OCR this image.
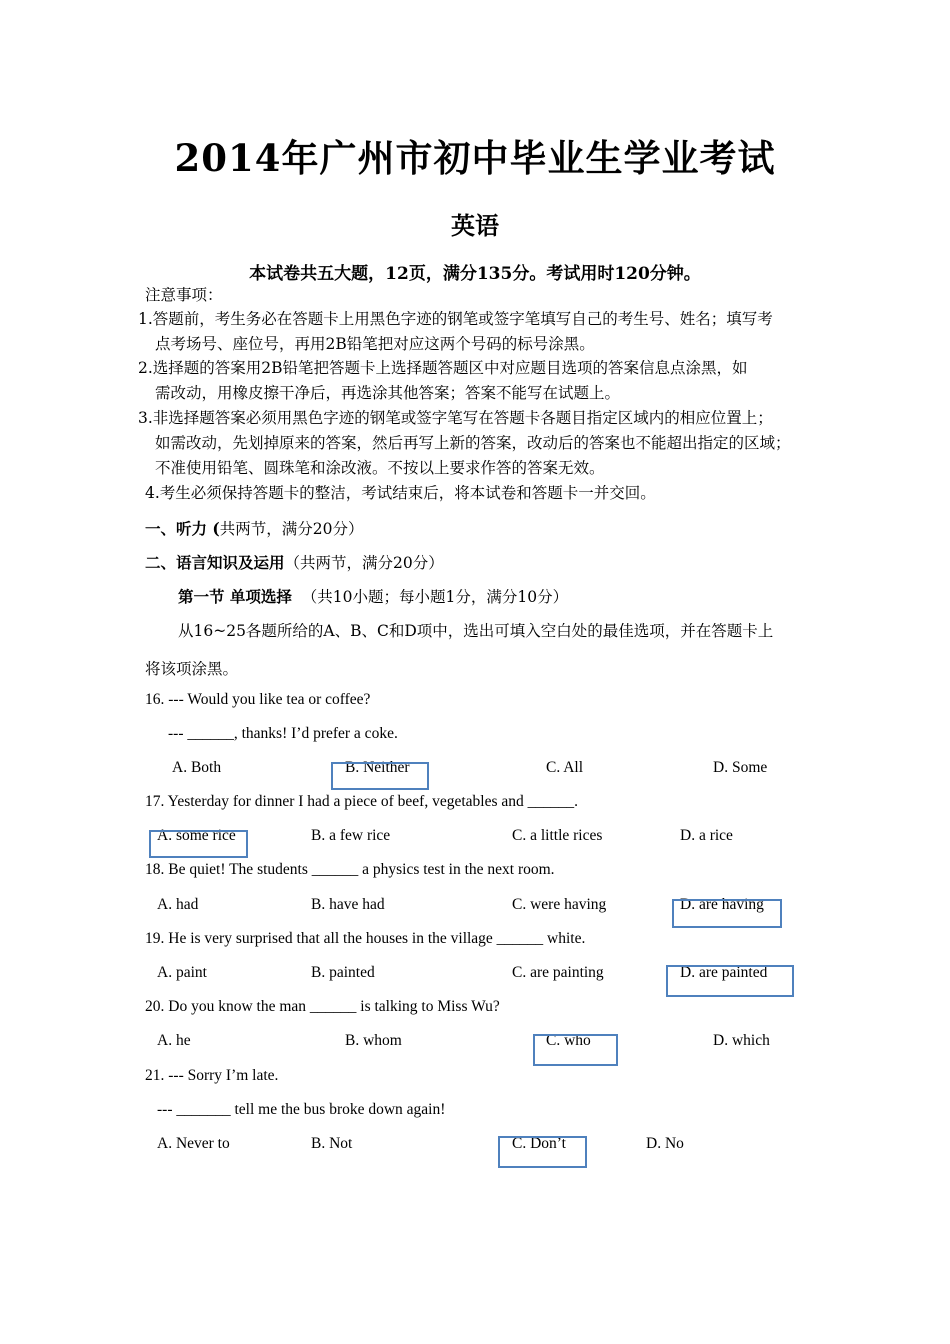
2014年广州市初中毕业生学业考试
英语
本试卷共五大题，12页，满分135分。考试用时120分钟。
注意事项：
1.答题前，考生务必在答题卡上用黑色字迹的钢笔或签字笔填写自己的考生号、姓名；填写考
点考场号、座位号，再用2B铅笔把对应这两个号码的标号涂黑。
2.选择题的答案用2B铅笔把答题卡上选择题答题区中对应题目选项的答案信息点涂黑，如
需改动，用橡皮擦干净后，再选涂其他答案；答案不能写在试题上。
3.非选择题答案必须用黑色字迹的钢笔或签字笔写在答题卡各题目指定区域内的相应位置上；
如需改动，先划掉原来的答案，然后再写上新的答案，改动后的答案也不能超出指定的区域；
不准使用铅笔、圆珠笔和涂改液。不按以上要求作答的答案无效。
4.考生必须保持答题卡的整洁，考试结束后，将本试卷和答题卡一并交回。
一、听力 (共两节，满分20分）
二、语言知识及运用（共两节，满分20分）
第一节 单项选择 （共10小题；每小题1分，满分10分）
从16~25各题所给的A、B、C和D项中，选出可填入空白处的最佳选项，并在答题卡上
将该项涂黑。
16. --- Would you like tea or coffee?
--- ______, thanks! I’d prefer a coke.
A. Both	B. Neither	C. All	D. Some
17. Yesterday for dinner I had a piece of beef, vegetables and ______.
A. some rice	B. a few rice	C. a little rices	D. a rice
18. Be quiet! The students ______ a physics test in the next room.
A. had	B. have had	C. were having	D. are having
19. He is very surprised that all the houses in the village ______ white.
A. paint	B. painted	C. are painting	D. are painted
20. Do you know the man ______ is talking to Miss Wu?
A. he	B. whom	C. who	D. which
21. --- Sorry I’m late.
--- _______ tell me the bus broke down again!
A. Never to	B. Not	C. Don’t	D. No
